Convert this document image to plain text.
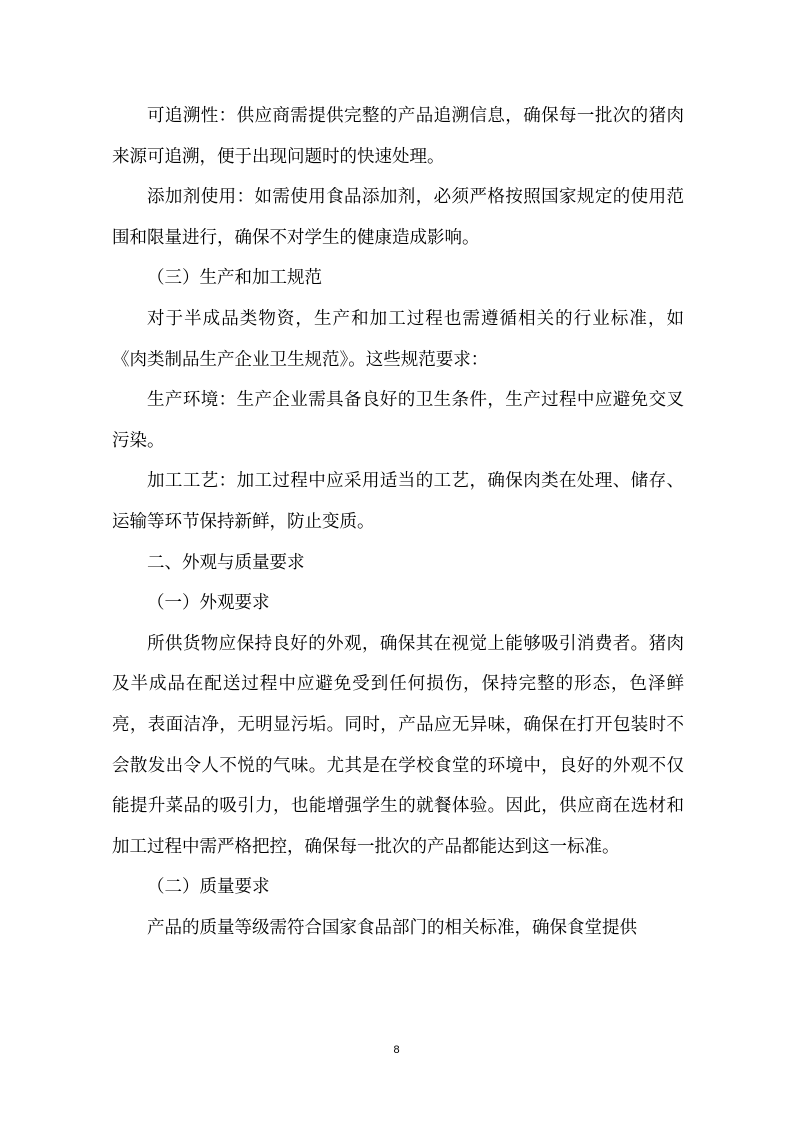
可追溯性：供应商需提供完整的产品追溯信息，确保每一批次的猪肉来源可追溯，便于出现问题时的快速处理。

添加剂使用：如需使用食品添加剂，必须严格按照国家规定的使用范围和限量进行，确保不对学生的健康造成影响。

（三）生产和加工规范

对于半成品类物资，生产和加工过程也需遵循相关的行业标准，如《肉类制品生产企业卫生规范》。这些规范要求：

生产环境：生产企业需具备良好的卫生条件，生产过程中应避免交叉污染。

加工工艺：加工过程中应采用适当的工艺，确保肉类在处理、储存、运输等环节保持新鲜，防止变质。

二、外观与质量要求

（一）外观要求

所供货物应保持良好的外观，确保其在视觉上能够吸引消费者。猪肉及半成品在配送过程中应避免受到任何损伤，保持完整的形态，色泽鲜亮，表面洁净，无明显污垢。同时，产品应无异味，确保在打开包装时不会散发出令人不悦的气味。尤其是在学校食堂的环境中，良好的外观不仅能提升菜品的吸引力，也能增强学生的就餐体验。因此，供应商在选材和加工过程中需严格把控，确保每一批次的产品都能达到这一标准。

（二）质量要求

产品的质量等级需符合国家食品部门的相关标准，确保食堂提供

8
